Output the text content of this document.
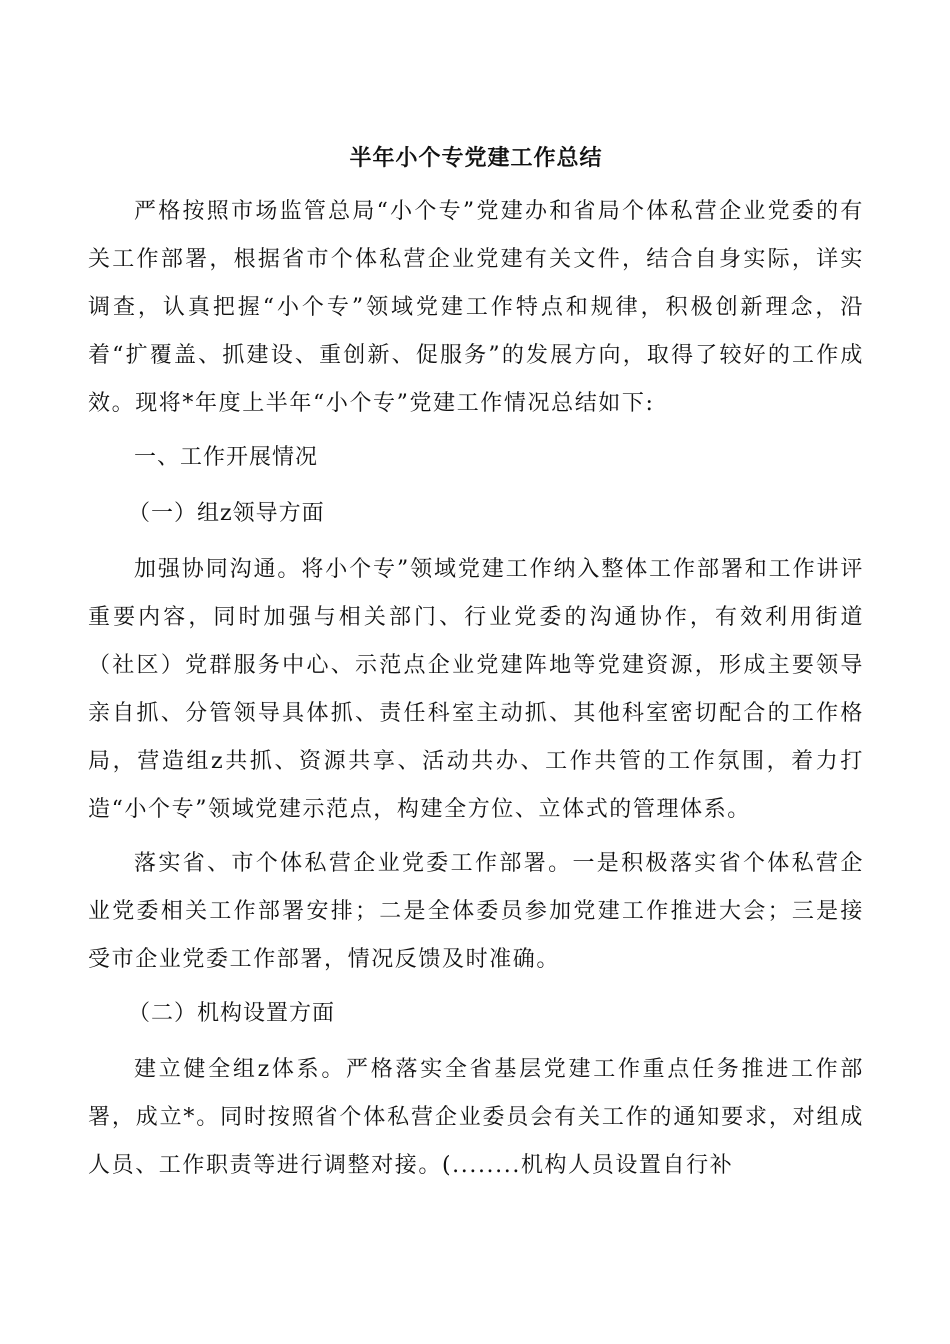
半年小个专党建工作总结

严格按照市场监管总局“小个专”党建办和省局个体私营企业党委的有关工作部署，根据省市个体私营企业党建有关文件，结合自身实际，详实调查，认真把握“小个专”领域党建工作特点和规律，积极创新理念，沿着“扩覆盖、抓建设、重创新、促服务”的发展方向，取得了较好的工作成效。现将*年度上半年“小个专”党建工作情况总结如下:

一、工作开展情况
（一）组z领导方面

加强协同沟通。将小个专”领域党建工作纳入整体工作部署和工作讲评重要内容，同时加强与相关部门、行业党委的沟通协作，有效利用街道（社区）党群服务中心、示范点企业党建阵地等党建资源，形成主要领导亲自抓、分管领导具体抓、责任科室主动抓、其他科室密切配合的工作格局，营造组z共抓、资源共享、活动共办、工作共管的工作氛围，着力打造“小个专”领域党建示范点，构建全方位、立体式的管理体系。

落实省、市个体私营企业党委工作部署。一是积极落实省个体私营企业党委相关工作部署安排；二是全体委员参加党建工作推进大会；三是接受市企业党委工作部署，情况反馈及时准确。

（二）机构设置方面

建立健全组z体系。严格落实全省基层党建工作重点任务推进工作部署，成立*。同时按照省个体私营企业委员会有关工作的通知要求，对组成人员、工作职责等进行调整对接。(........机构人员设置自行补
